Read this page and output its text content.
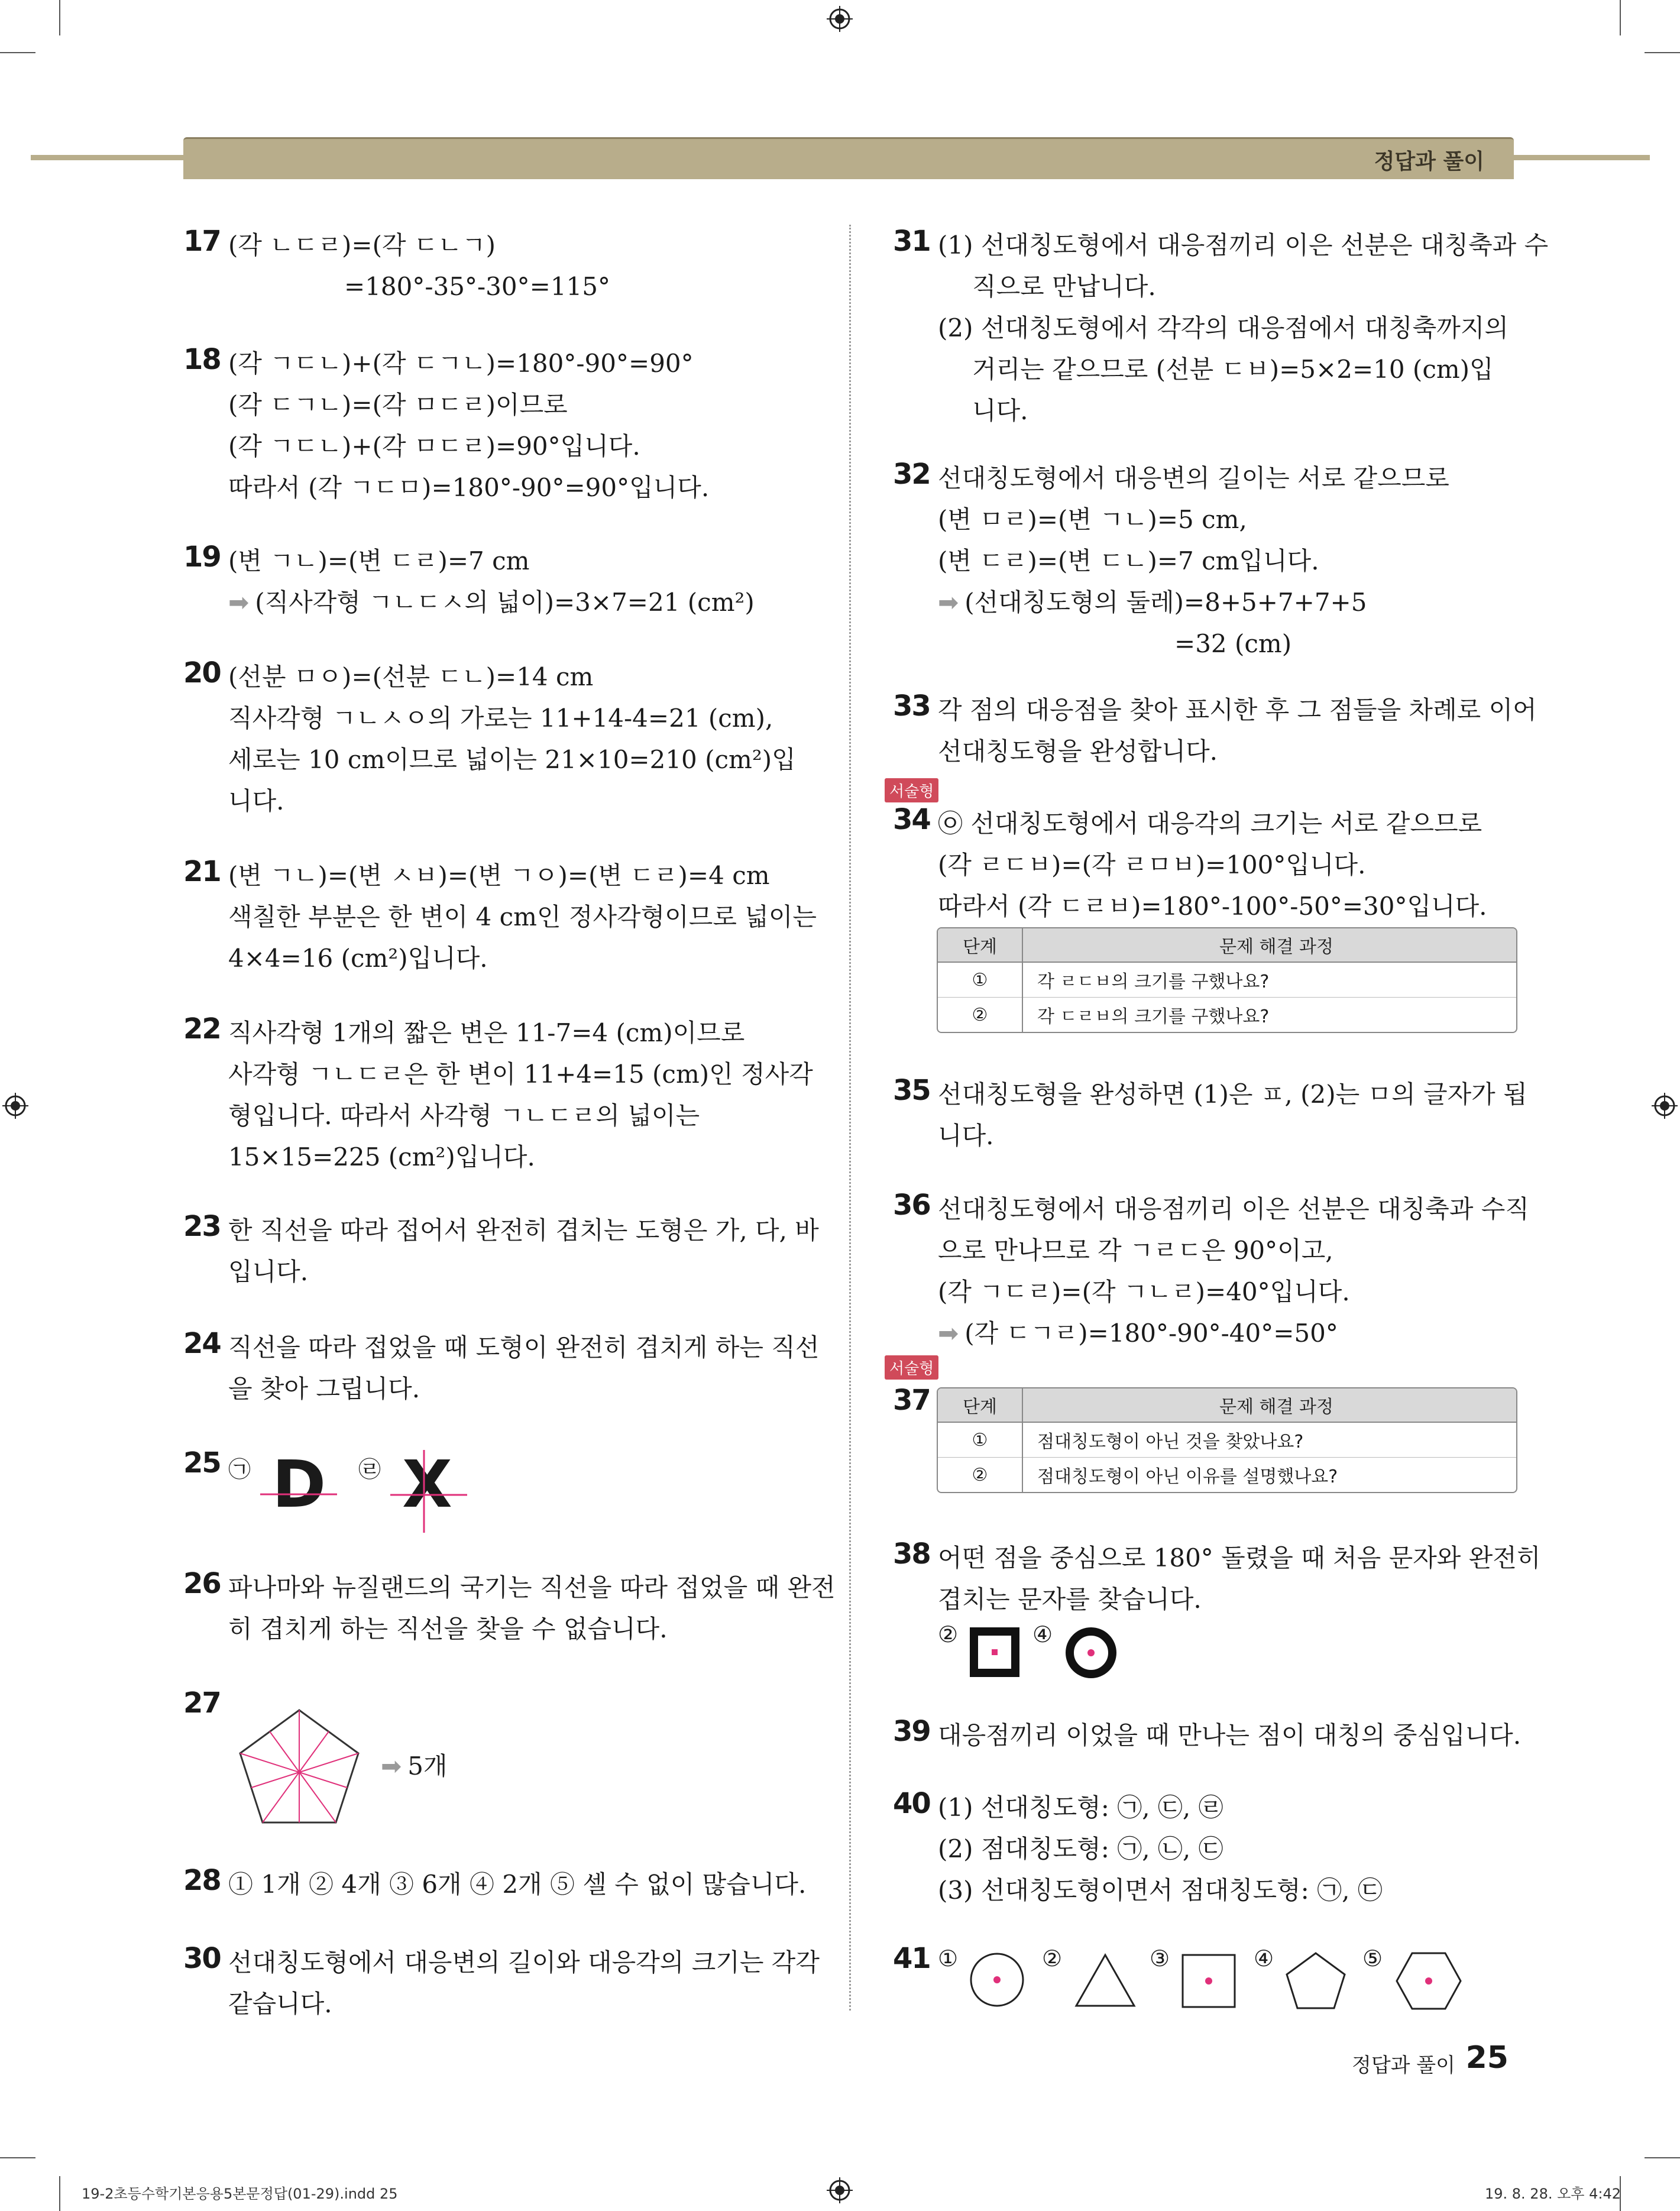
정답과 풀이
17 (각 ㄴㄷㄹ)=(각 ㄷㄴㄱ)
=180°-35°-30°=115°
18 (각 ㄱㄷㄴ)+(각 ㄷㄱㄴ)=180°-90°=90°
(각 ㄷㄱㄴ)=(각 ㅁㄷㄹ)이므로
(각 ㄱㄷㄴ)+(각 ㅁㄷㄹ)=90°입니다.
따라서 (각 ㄱㄷㅁ)=180°-90°=90°입니다.
19 (변 ㄱㄴ)=(변 ㄷㄹ)=7 cm
➡ (직사각형 ㄱㄴㄷㅅ의 넓이)=3×7=21 (cm²)
20 (선분 ㅁㅇ)=(선분 ㄷㄴ)=14 cm
직사각형 ㄱㄴㅅㅇ의 가로는 11+14-4=21 (cm),
세로는 10 cm이므로 넓이는 21×10=210 (cm²)입
니다.
21 (변 ㄱㄴ)=(변 ㅅㅂ)=(변 ㄱㅇ)=(변 ㄷㄹ)=4 cm
색칠한 부분은 한 변이 4 cm인 정사각형이므로 넓이는
4×4=16 (cm²)입니다.
22 직사각형 1개의 짧은 변은 11-7=4 (cm)이므로
사각형 ㄱㄴㄷㄹ은 한 변이 11+4=15 (cm)인 정사각
형입니다. 따라서 사각형 ㄱㄴㄷㄹ의 넓이는
15×15=225 (cm²)입니다.
23 한 직선을 따라 접어서 완전히 겹치는 도형은 가, 다, 바
입니다.
24 직선을 따라 접었을 때 도형이 완전히 겹치게 하는 직선
을 찾아 그립니다.
25 ㉠ D ㉣ X
26 파나마와 뉴질랜드의 국기는 직선을 따라 접었을 때 완전
히 겹치게 하는 직선을 찾을 수 없습니다.
27
➡ 5개
28 ① 1개 ② 4개 ③ 6개 ④ 2개 ⑤ 셀 수 없이 많습니다.
30 선대칭도형에서 대응변의 길이와 대응각의 크기는 각각
같습니다.
31 (1) 선대칭도형에서 대응점끼리 이은 선분은 대칭축과 수
직으로 만납니다.
(2) 선대칭도형에서 각각의 대응점에서 대칭축까지의
거리는 같으므로 (선분 ㄷㅂ)=5×2=10 (cm)입
니다.
32 선대칭도형에서 대응변의 길이는 서로 같으므로
(변 ㅁㄹ)=(변 ㄱㄴ)=5 cm,
(변 ㄷㄹ)=(변 ㄷㄴ)=7 cm입니다.
➡ (선대칭도형의 둘레)=8+5+7+7+5
=32 (cm)
33 각 점의 대응점을 찾아 표시한 후 그 점들을 차례로 이어
선대칭도형을 완성합니다.
서술형
34 ㉧ 선대칭도형에서 대응각의 크기는 서로 같으므로
(각 ㄹㄷㅂ)=(각 ㄹㅁㅂ)=100°입니다.
따라서 (각 ㄷㄹㅂ)=180°-100°-50°=30°입니다.
단계	문제 해결 과정
①	각 ㄹㄷㅂ의 크기를 구했나요?
②	각 ㄷㄹㅂ의 크기를 구했나요?
35 선대칭도형을 완성하면 (1)은 ㅍ, (2)는 ㅁ의 글자가 됩
니다.
36 선대칭도형에서 대응점끼리 이은 선분은 대칭축과 수직
으로 만나므로 각 ㄱㄹㄷ은 90°이고,
(각 ㄱㄷㄹ)=(각 ㄱㄴㄹ)=40°입니다.
➡ (각 ㄷㄱㄹ)=180°-90°-40°=50°
서술형
37 단계	문제 해결 과정
①	점대칭도형이 아닌 것을 찾았나요?
②	점대칭도형이 아닌 이유를 설명했나요?
38 어떤 점을 중심으로 180° 돌렸을 때 처음 문자와 완전히
겹치는 문자를 찾습니다.
②	④
39 대응점끼리 이었을 때 만나는 점이 대칭의 중심입니다.
40 (1) 선대칭도형: ㉠, ㉢, ㉣
(2) 점대칭도형: ㉠, ㉡, ㉢
(3) 선대칭도형이면서 점대칭도형: ㉠, ㉢
41 ①	②	③	④	⑤
정답과 풀이 25
19-2초등수학기본응용5본문정답(01-29).indd 25	19. 8. 28. 오후 4:42
